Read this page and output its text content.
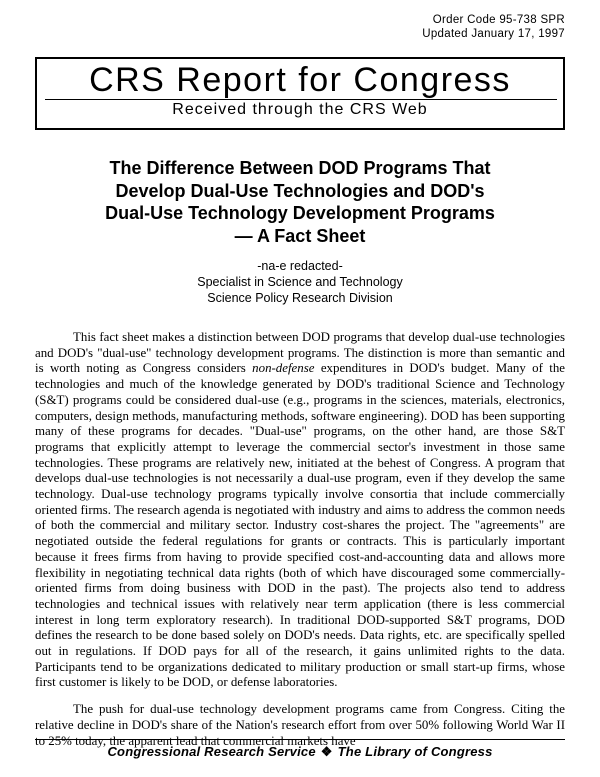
Order Code 95-738 SPR
Updated January 17, 1997
CRS Report for Congress
Received through the CRS Web
The Difference Between DOD Programs That
Develop Dual-Use Technologies and DOD's
Dual-Use Technology Development Programs
— A Fact Sheet
-na-e redacted-
Specialist in Science and Technology
Science Policy Research Division

This fact sheet makes a distinction between DOD programs that develop dual-use technologies and DOD's "dual-use" technology development programs. The distinction is more than semantic and is worth noting as Congress considers non-defense expenditures in DOD's budget. Many of the technologies and much of the knowledge generated by DOD's traditional Science and Technology (S&T) programs could be considered dual-use (e.g., programs in the sciences, materials, electronics, computers, design methods, manufacturing methods, software engineering). DOD has been supporting many of these programs for decades. "Dual-use" programs, on the other hand, are those S&T programs that explicitly attempt to leverage the commercial sector's investment in those same technologies. These programs are relatively new, initiated at the behest of Congress. A program that develops dual-use technologies is not necessarily a dual-use program, even if they develop the same technology. Dual-use technology programs typically involve consortia that include commercially oriented firms. The research agenda is negotiated with industry and aims to address the common needs of both the commercial and military sector. Industry cost-shares the project. The "agreements" are negotiated outside the federal regulations for grants or contracts. This is particularly important because it frees firms from having to provide specified cost-and-accounting data and allows more flexibility in negotiating technical data rights (both of which have discouraged some commercially-oriented firms from doing business with DOD in the past). The projects also tend to address technologies and technical issues with relatively near term application (there is less commercial interest in long term exploratory research). In traditional DOD-supported S&T programs, DOD defines the research to be done based solely on DOD's needs. Data rights, etc. are specifically spelled out in regulations. If DOD pays for all of the research, it gains unlimited rights to the data. Participants tend to be organizations dedicated to military production or small start-up firms, whose first customer is likely to be DOD, or defense laboratories.

The push for dual-use technology development programs came from Congress. Citing the relative decline in DOD's share of the Nation's research effort from over 50% following World War II to 25% today, the apparent lead that commercial markets have

Congressional Research Service ❖ The Library of Congress
